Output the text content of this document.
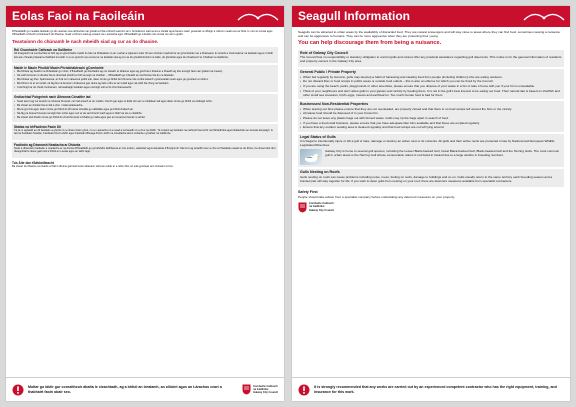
Eolas Faoi na Faoileáin

D'fhéadfadh go mealltaí faoileáin go dtí ceantair sna cathracha mar gheall ar bhia a bheith saor/inrí ann. Scrúdaíonn siad sonra a sholáir agus fanann siad i gceantair ar dhóigh a mbíonn neadú acu ar bhia. Is mór an cúrsaí agus d'fhéadfadh a bheith contúirteach do dhaoine. Nuair a bhíonn siad ag cosaint na n-éanacha agus d'fhéadfadh go mbeidís níos ionsaí ná mar is gnáth.

Teastaíonn do chúnamh le nach mbeidh siad ag cur as do dhaoine.
Ról Chomhairle Cathrach na Gaillimhe

Níl freagracht ná cumhachtaí ar bith ag an gComhairle maidir le rialú na bhfaoileán nó an t-achar a nglacann siad. Níl aon chúram reachtúil ar an gComhairle mar a bhaineann le smacht a choinneáil ar na faoileáin agus ní féidir leis aon chineál prótacail a thabhairt ina leith. Is é an gníomh seo sonraí ar na faoileáin atá ag cur as do ghnáthmhuintir na háite, do ghnóthaí agus do chuairteoirí ar Chathair na Gaillimhe.

Maidir le Maoin Phoiblí/ Maoin Phríobháideach/ gComhairle
• Má bhítear ag beathú na bhfaoileán go minic, d'fhéadfadh go dtiocfaidís ag cur isteach ar dhaoine agus ag goid bia ó dhaoine a bheadh ag ithe amuigh faoin aer (páistí ina measc).
• Ná caith bruscar nó dríodar bia le dramhaíl phoiblí ar bith amuigh sa chathair – d'fhéadfadh go mbeadh sé ina fhoinse bia do na faoileáin.
• Má bhítear ag ithe i bpáirceanna, ar thrá nó in áiteanna poiblí eile, déan cinnte go bhfuil do bhruscar uile curtha isteach i gcoimeádán ceart agus go gcuirtear ar shiúl é.
• Má bhíonn tú ar an tsráid, ná fág bia ná bruscar i dtrácanna gan duine ag faire orthu ar an tsráid agus ná caith bia chuig na faoileáin.
• Cuimhnigh ar do chuid comharsan: ná beathaigh faoileáin agus coinnigh súil ar do chomharsanacht.
Gnólachtaí/ Foirgnimh nach Áiteanna Cónaithe iad
• Nuair atá tú ag cur amach na mbosca bruscair, cuir iad amach ar an maidin, chomh gar agus is féidir don am a mbailítear iad agus déan cinnte go bhfuil na clúdaigh orthu.
• Ba cheart an dríodar bia ar fad a chur i málaí plaisteacha.
• Má tá gnó bia agat, déan cinnte go bhfuil do bhruscar stóráilte go sábháilte agus go bhfuil clúdach air.
• Ná fág na boscaí bruscair amuigh thar oíche agus cuir ar ais iad chomh luath agus is féidir tar éis a mbailithe.
• Ba cheart duit bheith cinnte go bhfuil do chuid bruscair á bhailiú go rialta agus gan an iomarca bruscair a stóráil.
Stádas na bhFaoileán Faoin Dlí

Tá sé in aghaidh an dlí faoileáin a ghortú nó a mharú d'aon ghnó, nó a n-éanacha nó a nead a scriosadh nó a chur as dóibh. Tá cosaint ag faoileáin na cathrach faoi Acht na bhFiadhúlra agus Rialacháin an Aontais Eorpaigh. Is iad na Faoileáin Scadán, Faoileáin Droim-dubh agus Faoileáin Bheaga Droim-dubh na cineálacha atá is coitianta i gCathair na Gaillimhe.

Faoileáin ag Déanamh Neadacha ar Dhíonta

Nuair a dhéanann faoileáin a neadacha ar na díonta d'fhéadfadh go gcruthóidís fadhbanna ar nós torainn, salachair agus damáiste d'fhoirgnimh. Má tá tú ag iarraidh cosc a chur ar fhaoileáin neadú ar do dhíon, ba cheart duit dul i dteagmháil le duine gairmiúil a bhfuil an t-eolas agus an taithí aige.

Tús Áite don tSábháilteacht

Ba cheart do dhaoine comhairle a fháil ó dhuine gairmiúil sula ndéanann siad aon obair ar a ndíon féin nó sula gcuirtear aon chosaint ar bun.

Moltar go láidir gur conraitheoir ábalta le cleachtadh, ag a bhfuil an trealamh, an oiliúint agus an t-árachas ceart a thabhairt faoin obair seo.
Comhairle Cathrach
na Gaillimhe
Galway City Council
Seagull Information

Seagulls can be attracted to urban areas by the availability of discarded food. They are natural scavengers and will stay close to areas where they can find food, sometimes causing a nuisance and can be aggressive to humans. They can be more aggressive when they are protecting their young.

You can help discourage them from being a nuisance.
Role of Galway City Council

The Council has no responsibility or statutory obligation to control gulls and cannot offer any practical assistance regarding gull deterrents. This notice is for the general information of residents and property owners in the Galway City area.

General Public / Private Property
• When fed regularly by humans, gulls may develop a habit of harassing and stealing food from people (including children) who are eating outdoors.
• Do not discard litter or food scraps in public areas or outside food outlets – this is also an offence for which you can be fined by the Council.
• If you are using the beach, parks, playgrounds or other amenities, please ensure that you dispose of your waste in a bin or take it home with you if your bin is unavailable.
• Think of your neighbours and don't allow gulls in your garden and vicinity by feeding them. It is not in the gull's best interest to be eating our food. Their natural diet is based on shellfish and other small sea creatures, bird's eggs, insects and earthworms. Too much human food is bad for them.
Businesses/ Non-Residential Properties
• When leaving out bins please ensure that they are not overloaded, are properly closed and that there is no food scraps left around the bins or the vicinity.
• All waste food should be disposed of in your brown bin.
• Please do not leave any plastic bags out with binned waste. Gulls may rip the bags apart in search of food.
• If you have a food retail business, please ensure that you have adequate litter bins available and that these are emptied regularly.
• Ensure that any outdoor seating area is cleaned regularly and that food scraps are not left lying around.
Legal Status of Gulls

It is illegal to intentionally injure or kill a gull or take, damage or destroy an active nest or its contents. All gulls and their active nests are protected in law by National and European Wildlife Legislation/Directives.

Galway City is home to several gull species, including the Lesser Black-backed Gull, Great Black-backed Gull, Black-headed Gull and the Herring Gulls. The most common gull in urban areas is the Herring Gull whose conservation status is red listed in Ireland due to a large decline in breeding numbers.

Gulls Nesting on Roofs

Gulls nesting on roofs can cause problems including noise, mess, fouling on roofs, damage to buildings and so on. Gulls usually return to the same territory each breeding season and a bonded pair will stay together for life. If you wish to deter gulls from nesting on your roof, there are deterrent measures available from specialist contractors.

Safety First

People should take advice from a specialist company before undertaking any deterrent measures on your property.

Comhairle Cathrach
na Gaillimhe
Galway City Council
It is strongly recommended that any works are carried out by an experienced competent contractor who has the right equipment, training, and insurance for this work.
